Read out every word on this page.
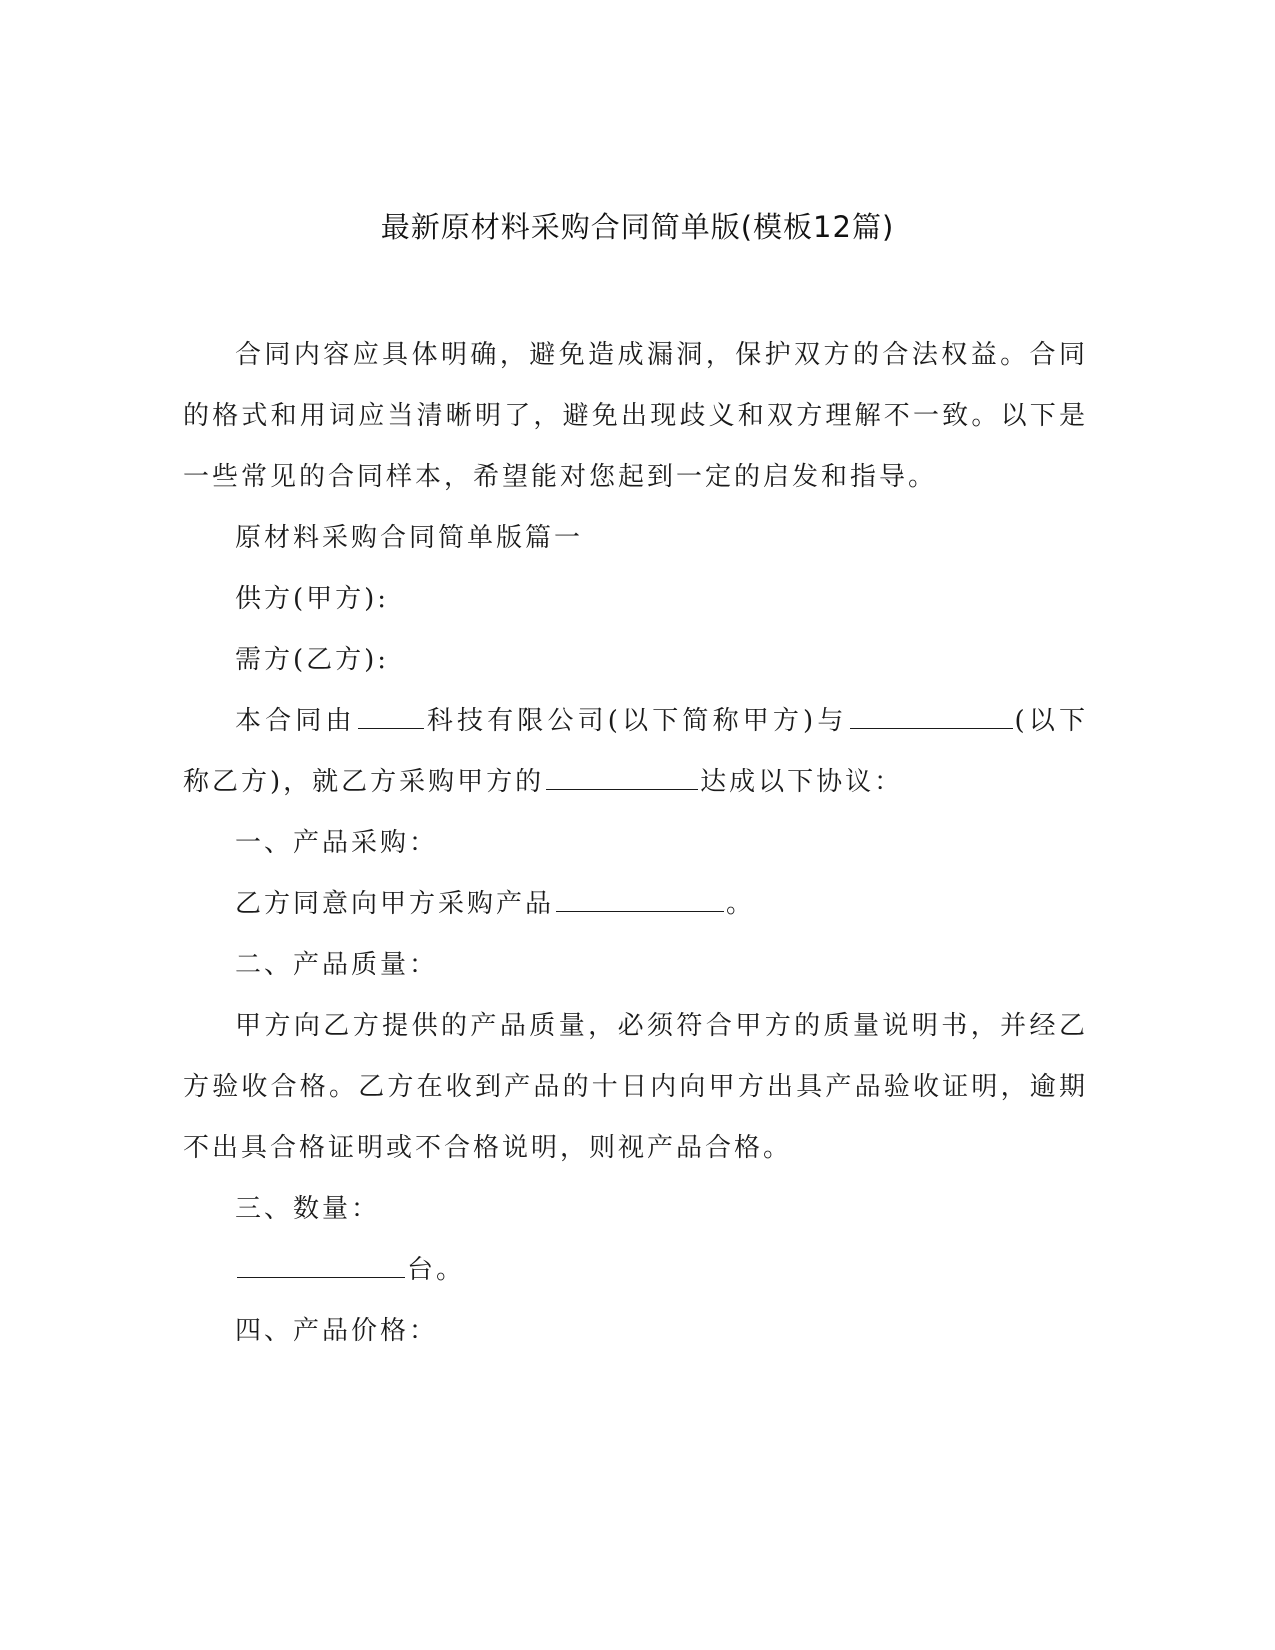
最新原材料采购合同简单版(模板12篇)

合同内容应具体明确，避免造成漏洞，保护双方的合法权益。合同的格式和用词应当清晰明了，避免出现歧义和双方理解不一致。以下是一些常见的合同样本，希望能对您起到一定的启发和指导。

原材料采购合同简单版篇一

供方(甲方):

需方(乙方):

本合同由	科技有限公司(以下简称甲方)与	(以下称乙方)，就乙方采购甲方的	达成以下协议：

一、产品采购：

乙方同意向甲方采购产品	。

二、产品质量：

甲方向乙方提供的产品质量，必须符合甲方的质量说明书，并经乙方验收合格。乙方在收到产品的十日内向甲方出具产品验收证明，逾期不出具合格证明或不合格说明，则视产品合格。

三、数量：

台。

四、产品价格：
